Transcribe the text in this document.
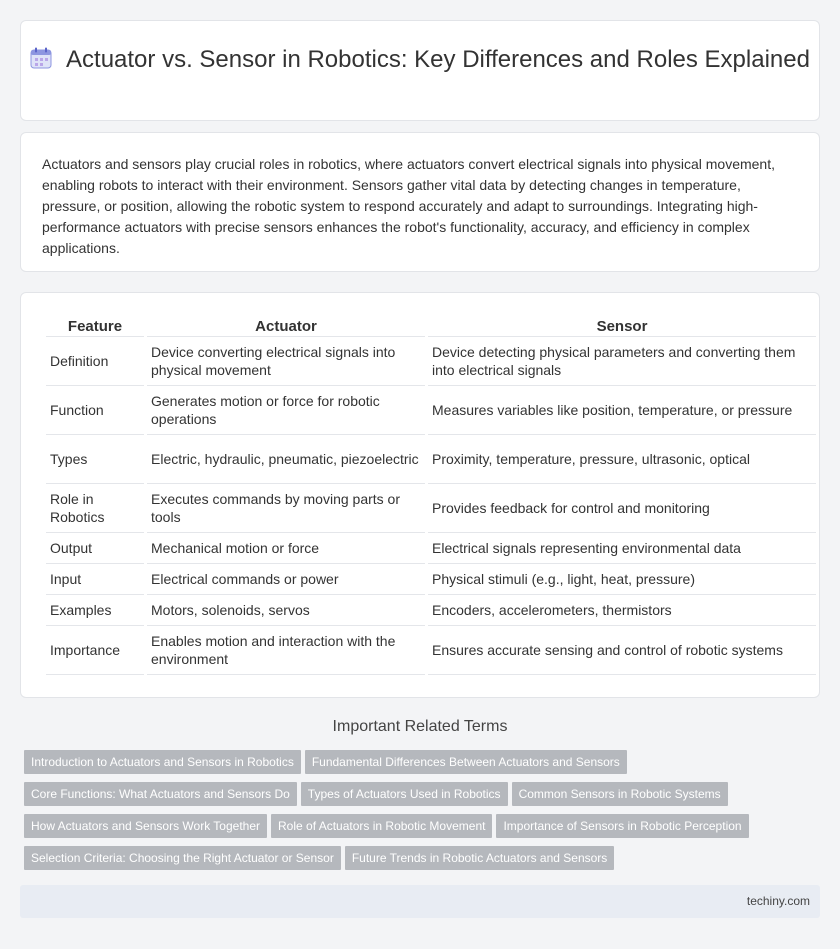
Actuator vs. Sensor in Robotics: Key Differences and Roles Explained

Actuators and sensors play crucial roles in robotics, where actuators convert electrical signals into physical movement, enabling robots to interact with their environment. Sensors gather vital data by detecting changes in temperature, pressure, or position, allowing the robotic system to respond accurately and adapt to surroundings. Integrating high-performance actuators with precise sensors enhances the robot's functionality, accuracy, and efficiency in complex applications.

Feature	Actuator	Sensor
Definition	Device converting electrical signals into physical movement	Device detecting physical parameters and converting them into electrical signals
Function	Generates motion or force for robotic operations	Measures variables like position, temperature, or pressure
Types	Electric, hydraulic, pneumatic, piezoelectric	Proximity, temperature, pressure, ultrasonic, optical
Role in Robotics	Executes commands by moving parts or tools	Provides feedback for control and monitoring
Output	Mechanical motion or force	Electrical signals representing environmental data
Input	Electrical commands or power	Physical stimuli (e.g., light, heat, pressure)
Examples	Motors, solenoids, servos	Encoders, accelerometers, thermistors
Importance	Enables motion and interaction with the environment	Ensures accurate sensing and control of robotic systems
Important Related Terms
Introduction to Actuators and Sensors in Robotics Fundamental Differences Between Actuators and Sensors
Core Functions: What Actuators and Sensors Do Types of Actuators Used in Robotics Common Sensors in Robotic Systems
How Actuators and Sensors Work Together Role of Actuators in Robotic Movement Importance of Sensors in Robotic Perception
Selection Criteria: Choosing the Right Actuator or Sensor Future Trends in Robotic Actuators and Sensors
techiny.com
